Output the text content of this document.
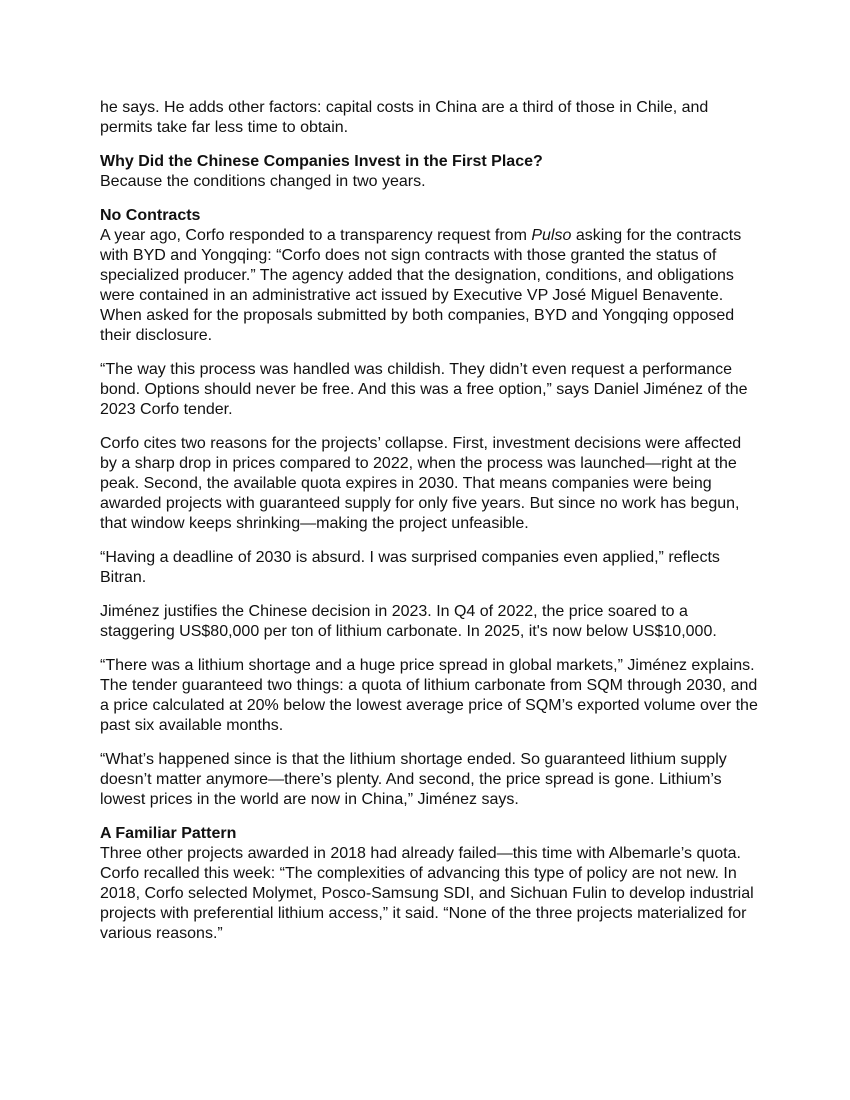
he says. He adds other factors: capital costs in China are a third of those in Chile, and permits take far less time to obtain.

Why Did the Chinese Companies Invest in the First Place?

Because the conditions changed in two years.

No Contracts

A year ago, Corfo responded to a transparency request from Pulso asking for the contracts with BYD and Yongqing: “Corfo does not sign contracts with those granted the status of specialized producer.” The agency added that the designation, conditions, and obligations were contained in an administrative act issued by Executive VP José Miguel Benavente. When asked for the proposals submitted by both companies, BYD and Yongqing opposed their disclosure.

“The way this process was handled was childish. They didn’t even request a performance bond. Options should never be free. And this was a free option,” says Daniel Jiménez of the 2023 Corfo tender.

Corfo cites two reasons for the projects’ collapse. First, investment decisions were affected by a sharp drop in prices compared to 2022, when the process was launched—right at the peak. Second, the available quota expires in 2030. That means companies were being awarded projects with guaranteed supply for only five years. But since no work has begun, that window keeps shrinking—making the project unfeasible.

“Having a deadline of 2030 is absurd. I was surprised companies even applied,” reflects Bitran.

Jiménez justifies the Chinese decision in 2023. In Q4 of 2022, the price soared to a staggering US$80,000 per ton of lithium carbonate. In 2025, it's now below US$10,000.

“There was a lithium shortage and a huge price spread in global markets,” Jiménez explains. The tender guaranteed two things: a quota of lithium carbonate from SQM through 2030, and a price calculated at 20% below the lowest average price of SQM’s exported volume over the past six available months.

“What’s happened since is that the lithium shortage ended. So guaranteed lithium supply doesn’t matter anymore—there’s plenty. And second, the price spread is gone. Lithium’s lowest prices in the world are now in China,” Jiménez says.

A Familiar Pattern

Three other projects awarded in 2018 had already failed—this time with Albemarle’s quota. Corfo recalled this week: “The complexities of advancing this type of policy are not new. In 2018, Corfo selected Molymet, Posco-Samsung SDI, and Sichuan Fulin to develop industrial projects with preferential lithium access,” it said. “None of the three projects materialized for various reasons.”
